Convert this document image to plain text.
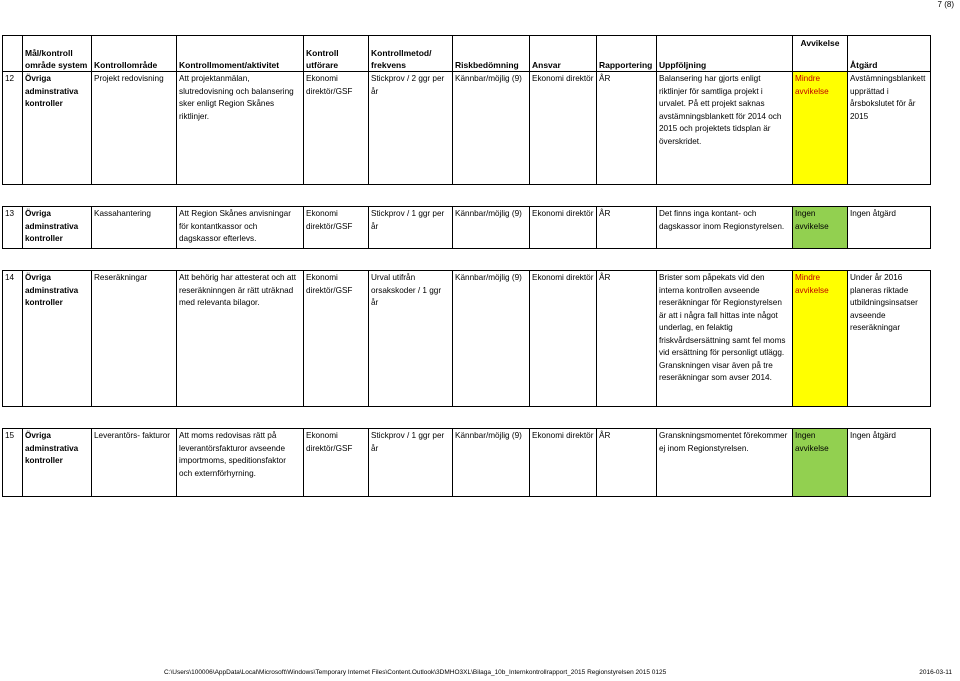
7 (8)
	Mål/kontroll område system	Kontrollområde	Kontrollmoment/aktivitet	Kontroll utförare	Kontrollmetod/ frekvens	Riskbedömning	Ansvar	Rapportering	Uppföljning	Avvikelse	Åtgärd
12	Övriga adminstrativa kontroller	Projekt redovisning	Att projektanmälan, slutredovisning och balansering sker enligt Region Skånes riktlinjer.	Ekonomi direktör/GSF	Stickprov / 2 ggr per år	Kännbar/möjlig (9)	Ekonomi direktör	ÅR	Balansering har gjorts enligt riktlinjer för samtliga projekt i urvalet. På ett projekt saknas avstämningsblankett för 2014 och 2015 och projektets tidsplan är överskridet.	Mindre avvikelse	Avstämningsblankett upprättad i årsbokslutet för år 2015

13	Övriga adminstrativa kontroller	Kassahantering	Att Region Skånes anvisningar för kontantkassor och dagskassor efterlevs.	Ekonomi direktör/GSF	Stickprov / 1 ggr per år	Kännbar/möjlig (9)	Ekonomi direktör	ÅR	Det finns inga kontant- och dagskassor inom Regionstyrelsen.	Ingen avvikelse	Ingen åtgärd

14	Övriga adminstrativa kontroller	Reseräkningar	Att behörig har attesterat och att reseräkninngen är rätt uträknad med relevanta bilagor.	Ekonomi direktör/GSF	Urval utifrån orsakskoder / 1 ggr år	Kännbar/möjlig (9)	Ekonomi direktör	ÅR	Brister som påpekats vid den interna kontrollen avseende reseräkningar för Regionstyrelsen är att i några fall hittas inte något underlag, en felaktig friskvårdsersättning samt fel moms vid ersättning för personligt utlägg. Granskningen visar även på tre reseräkningar som avser 2014.	Mindre avvikelse	Under år 2016 planeras riktade utbildningsinsatser avseende reseräkningar

15	Övriga adminstrativa kontroller	Leverantörs- fakturor	Att moms redovisas rätt på leverantörsfakturor avseende importmoms, speditionsfaktor och externförhyrning.	Ekonomi direktör/GSF	Stickprov / 1 ggr per år	Kännbar/möjlig (9)	Ekonomi direktör	ÅR	Granskningsmomentet förekommer ej inom Regionstyrelsen.	Ingen avvikelse	Ingen åtgärd
C:\Users\100006\AppData\Local\Microsoft\Windows\Temporary Internet Files\Content.Outlook\3DMHO3XL\Bilaga_10b_Internkontrollrapport_2015 Regionstyrelsen 2015 0125	2016-03-11
